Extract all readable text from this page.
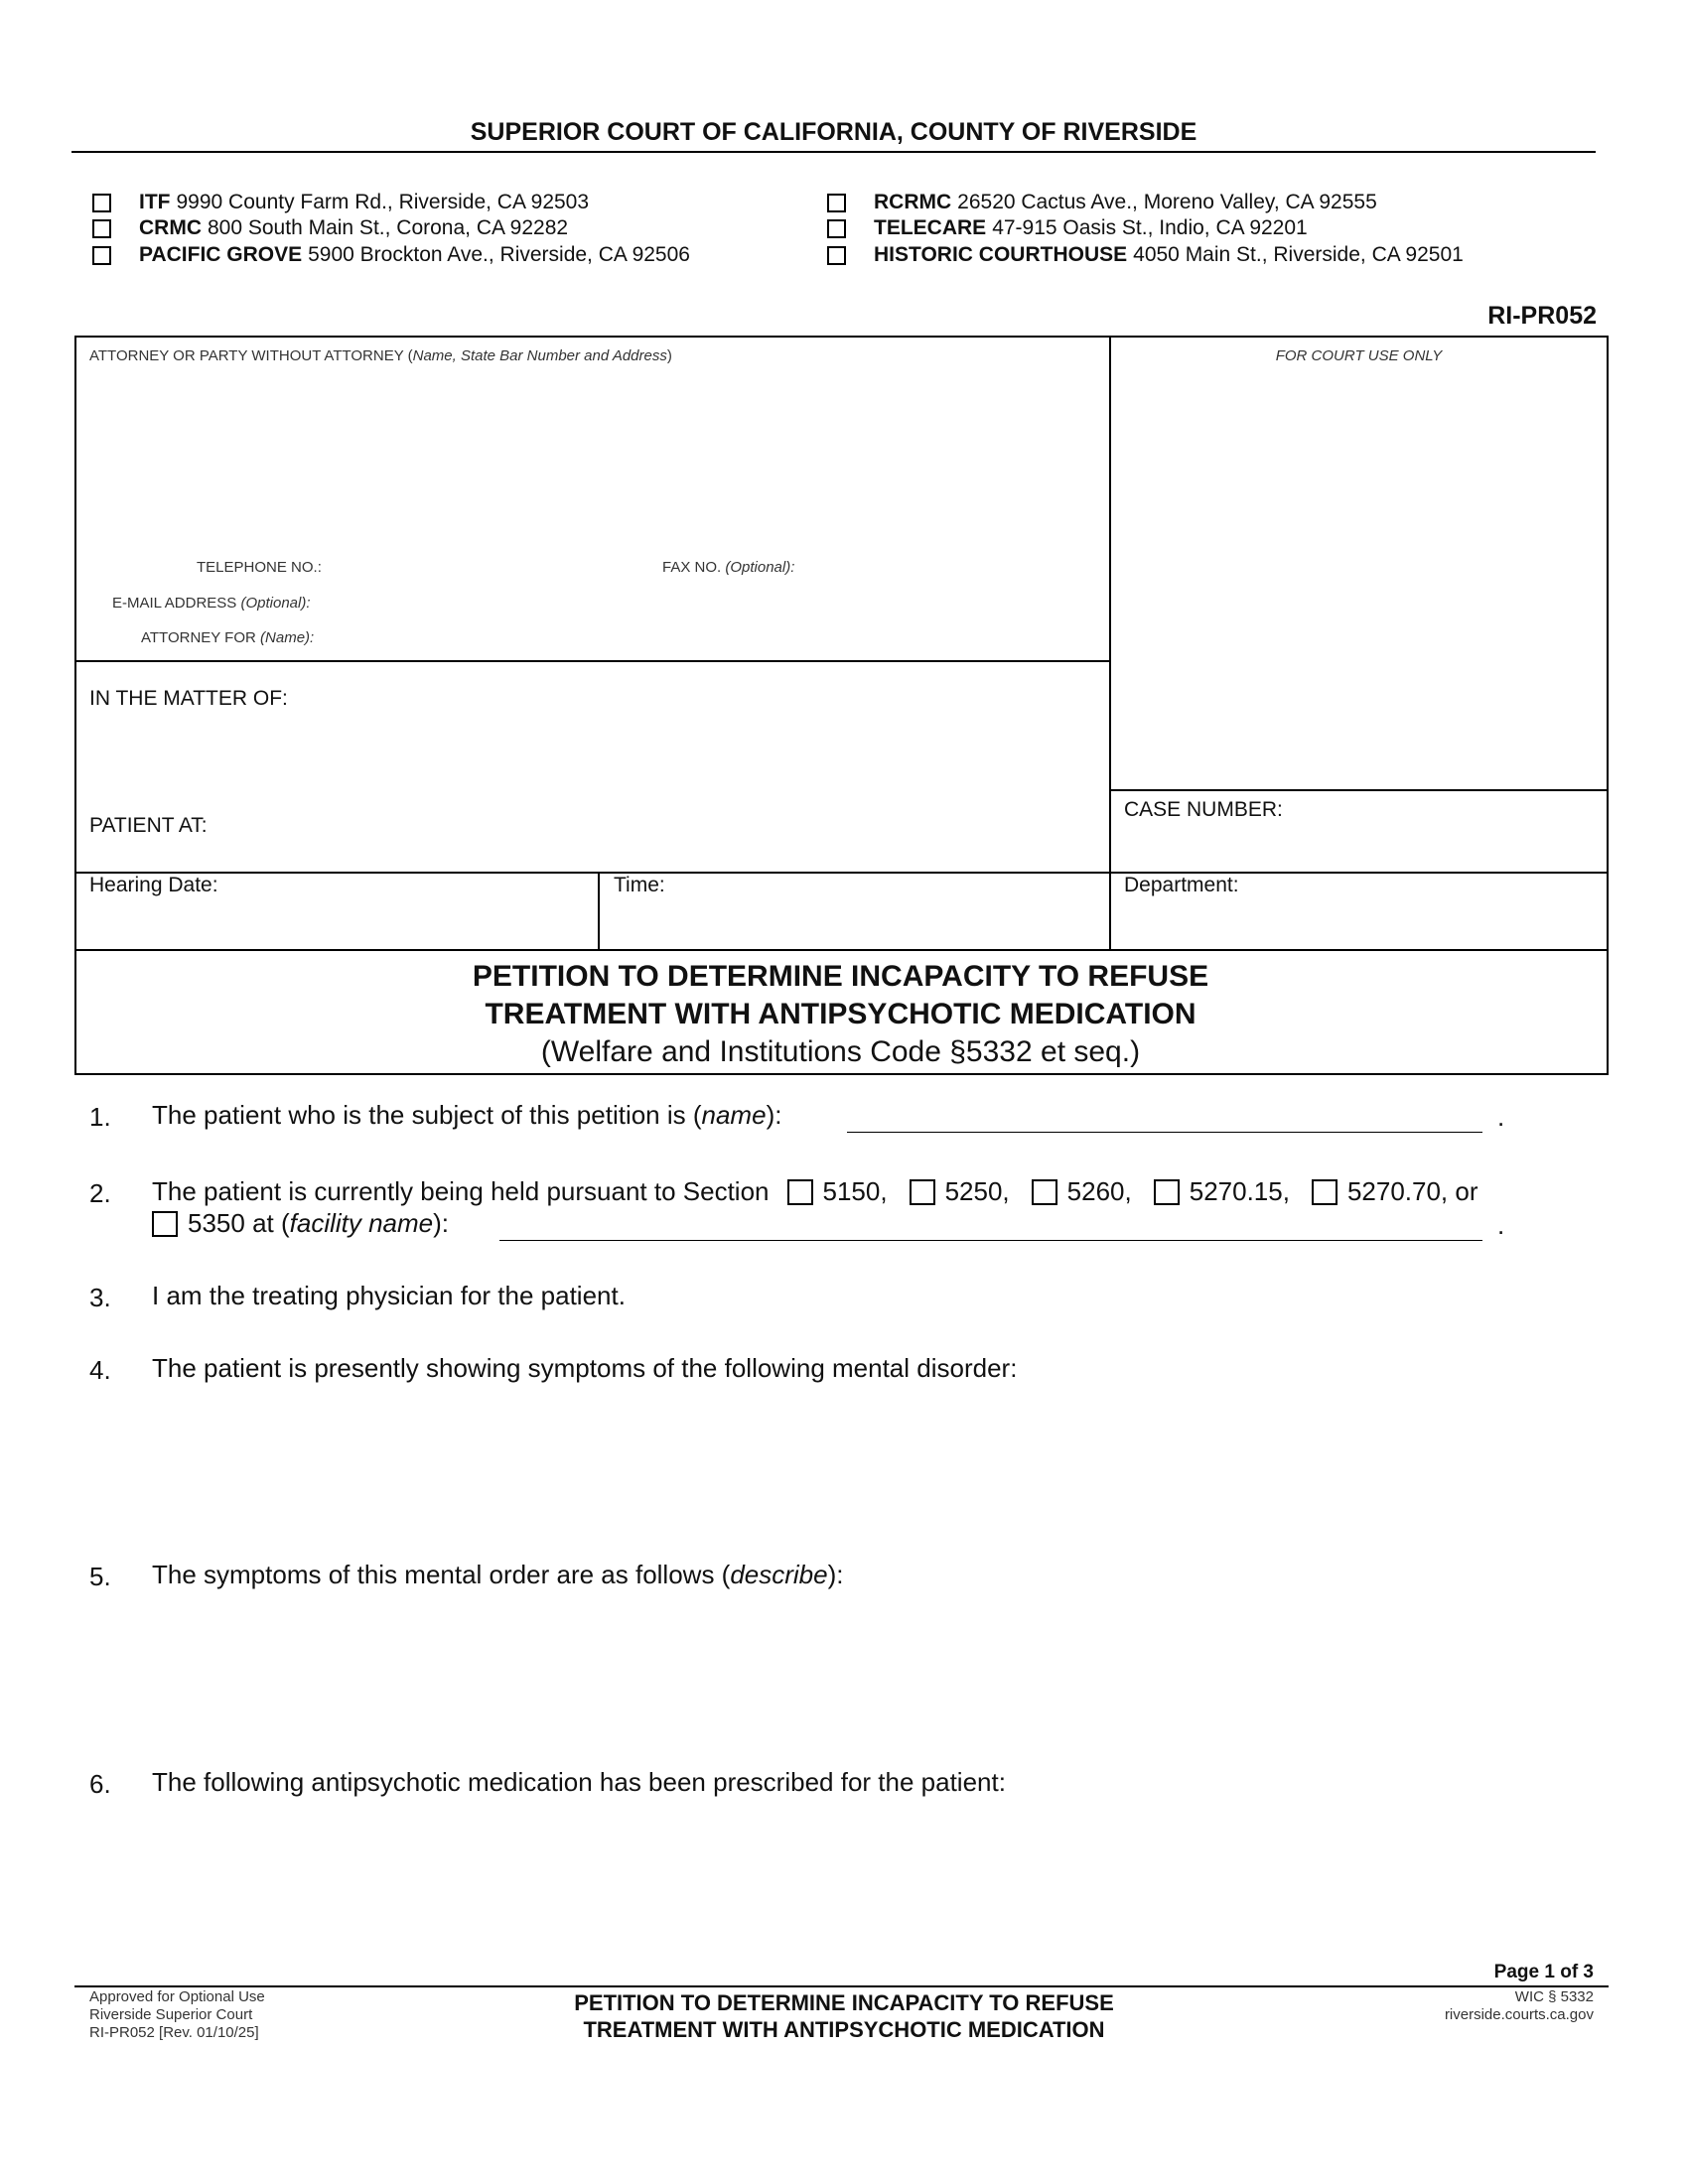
SUPERIOR COURT OF CALIFORNIA, COUNTY OF RIVERSIDE
ITF 9990 County Farm Rd., Riverside, CA 92503
CRMC 800 South Main St., Corona, CA 92282
PACIFIC GROVE 5900 Brockton Ave., Riverside, CA 92506
RCRMC 26520 Cactus Ave., Moreno Valley, CA 92555
TELECARE 47-915 Oasis St., Indio, CA 92201
HISTORIC COURTHOUSE 4050 Main St., Riverside, CA 92501
RI-PR052
ATTORNEY OR PARTY WITHOUT ATTORNEY (Name, State Bar Number and Address)	FOR COURT USE ONLY
TELEPHONE NO.:	FAX NO. (Optional):
E-MAIL ADDRESS (Optional):
ATTORNEY FOR (Name):
IN THE MATTER OF:
PATIENT AT:
CASE NUMBER:
Hearing Date:	Time:	Department:
PETITION TO DETERMINE INCAPACITY TO REFUSE
TREATMENT WITH ANTIPSYCHOTIC MEDICATION
(Welfare and Institutions Code §5332 et seq.)
1. The patient who is the subject of this petition is ( name ):	.
2. The patient is currently being held pursuant to Section 5150, 5250, 5260, 5270.15, 5270.70, or
5350 at ( facility name ):	.
3. I am the treating physician for the patient.
4. The patient is presently showing symptoms of the following mental disorder:
5. The symptoms of this mental order are as follows ( describe ):
6. The following antipsychotic medication has been prescribed for the patient:
Page 1 of 3
Approved for Optional Use
Riverside Superior Court
RI-PR052 [Rev. 01/10/25]
PETITION TO DETERMINE INCAPACITY TO REFUSE
TREATMENT WITH ANTIPSYCHOTIC MEDICATION
WIC § 5332
riverside.courts.ca.gov
